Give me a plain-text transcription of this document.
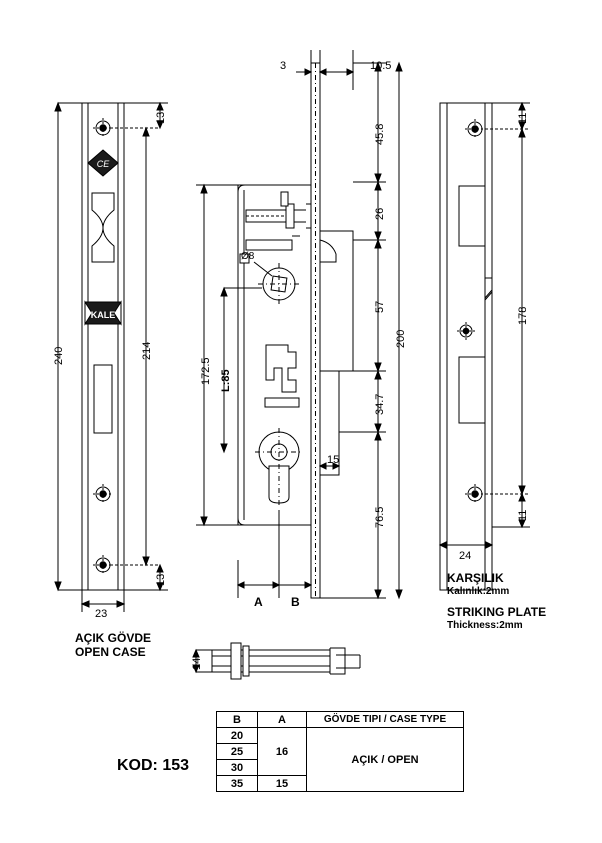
CE
KALE
240	214
13
13
23
3	10.5
45.8
26
57
34.7
76.5
200
172.5 L:85
Ø8
15
A B
11
178
11
24
KARŞILIK
Kalınlık:2mm
STRIKING PLATE
Thickness:2mm
AÇIK GÖVDE
OPEN CASE
14
KOD: 153
B	A	GÖVDE TIPI / CASE TYPE
20	16	AÇIK / OPEN
25		
30		
35	15	
